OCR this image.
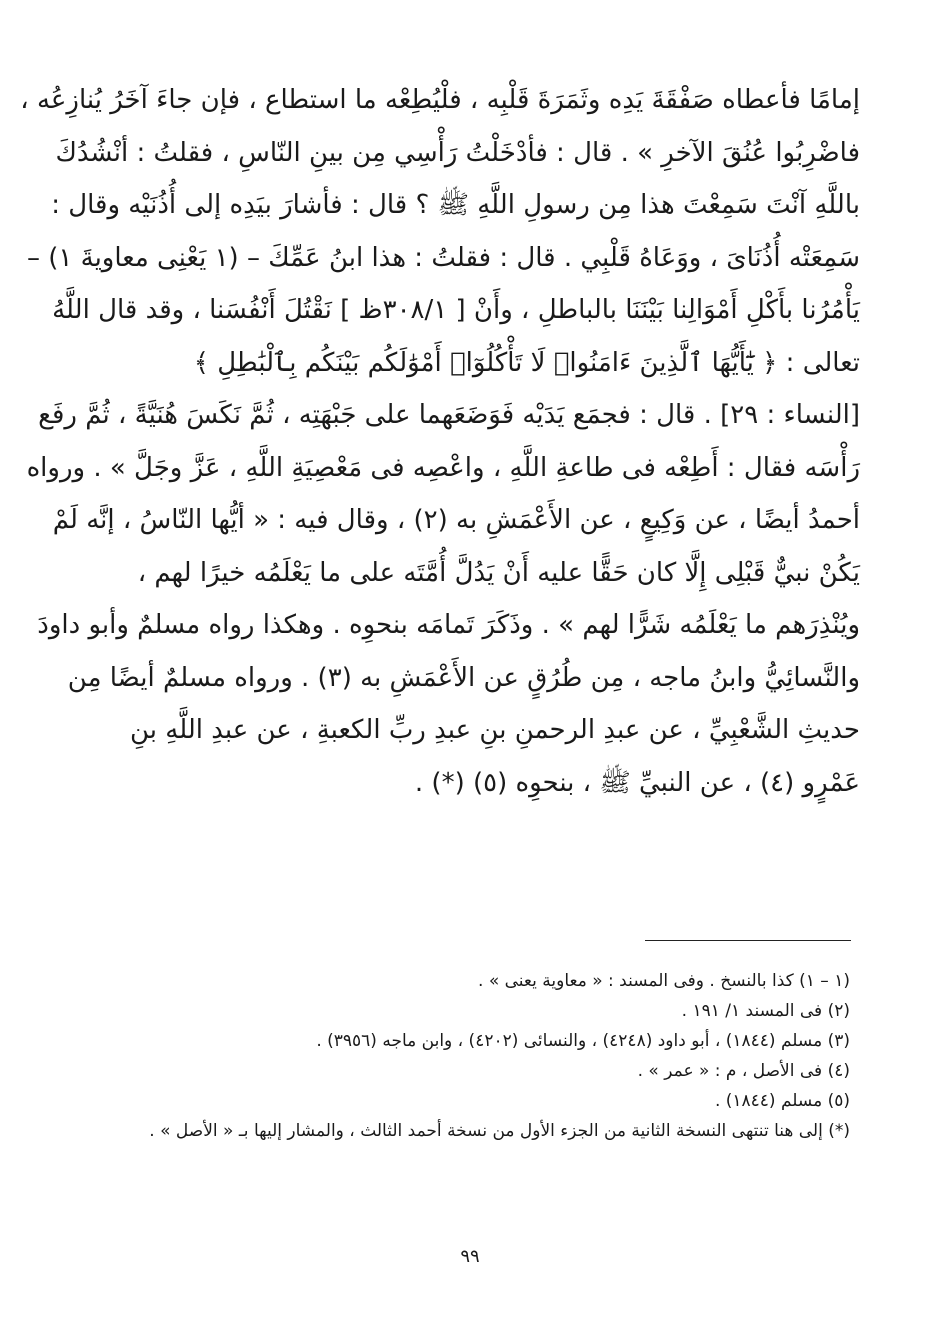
إمامًا فأعطاه صَفْقَةَ يَدِه وثَمَرَةَ قَلْبِه ، فلْيُطِعْه ما استطاع ، فإن جاءَ آخَرُ يُنازِعُه ،
فاضْرِبُوا عُنُقَ الآخرِ » . قال : فأدْخَلْتُ رَأْسِي مِن بينِ النّاسِ ، فقلتُ : أنْشُدُكَ
باللَّهِ آنْتَ سَمِعْتَ هذا مِن رسولِ اللَّهِ ﷺ ؟ قال : فأشارَ بيَدِه إلى أُذُنَيْه وقال :
سَمِعَتْه أُذُنَاىَ ، ووَعَاهُ قَلْبِي . قال : فقلتُ : هذا ابنُ عَمِّكَ – (١ يَعْنِى معاويةَ ١) –
يَأْمُرُنا بأَكْلِ أَمْوَالِنا بَيْنَنَا بالباطلِ ، وأَنْ [ ٣٠٨/١ظ ] نَقْتُلَ أَنْفُسَنا ، وقد قال اللَّهُ
تعالى : ﴿ يَٰٓأَيُّهَا ٱلَّذِينَ ءَامَنُوا۟ لَا تَأْكُلُوٓا۟ أَمْوَٰلَكُم بَيْنَكُم بِٱلْبَٰطِلِ ﴾
[النساء : ٢٩] . قال : فجمَع يَدَيْه فَوَضَعَهما على جَبْهَتِه ، ثُمَّ نَكَسَ هُنَيَّةً ، ثُمَّ رفَع
رَأْسَه فقال : أَطِعْه فى طاعةِ اللَّهِ ، واعْصِه فى مَعْصِيَةِ اللَّهِ ، عَزَّ وجَلَّ » . ورواه
أحمدُ أيضًا ، عن وَكِيعٍ ، عن الأَعْمَشِ به (٢) ، وقال فيه : « أيُّها النّاسُ ، إنَّه لَمْ
يَكُنْ نبيٌّ قَبْلِى إِلَّا كان حَقًّا عليه أَنْ يَدُلَّ أُمَّتَه على ما يَعْلَمُه خيرًا لهم ،
ويُنْذِرَهم ما يَعْلَمُه شَرًّا لهم » . وذَكَرَ تَمامَه بنحوِه . وهكذا رواه مسلمٌ وأبو داودَ
والنَّسائِيُّ وابنُ ماجه ، مِن طُرُقٍ عن الأَعْمَشِ به (٣) . ورواه مسلمٌ أيضًا مِن
حديثِ الشَّعْبِيِّ ، عن عبدِ الرحمنِ بنِ عبدِ ربِّ الكعبةِ ، عن عبدِ اللَّهِ بنِ
عَمْرٍو (٤) ، عن النبيِّ ﷺ ، بنحوِه (٥) (*) .
(١ – ١) كذا بالنسخ . وفى المسند : « معاوية يعنى » .
(٢) فى المسند ١/ ١٩١ .
(٣) مسلم (١٨٤٤) ، أبو داود (٤٢٤٨) ، والنسائى (٤٢٠٢) ، وابن ماجه (٣٩٥٦) .
(٤) فى الأصل ، م : « عمر » .
(٥) مسلم (١٨٤٤) .
(*) إلى هنا تنتهى النسخة الثانية من الجزء الأول من نسخة أحمد الثالث ، والمشار إليها بـ « الأصل » .
٩٩
